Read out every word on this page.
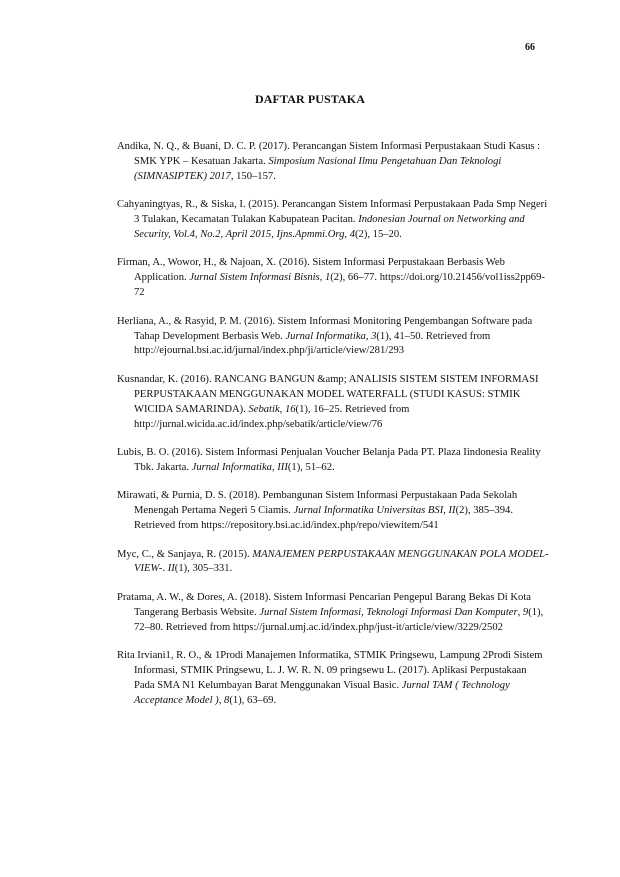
66
DAFTAR PUSTAKA

Andika, N. Q., & Buani, D. C. P. (2017). Perancangan Sistem Informasi Perpustakaan Studi Kasus : SMK YPK – Kesatuan Jakarta. Simposium Nasional Ilmu Pengetahuan Dan Teknologi (SIMNASIPTEK) 2017, 150–157.

Cahyaningtyas, R., & Siska, I. (2015). Perancangan Sistem Informasi Perpustakaan Pada Smp Negeri 3 Tulakan, Kecamatan Tulakan Kabupatean Pacitan. Indonesian Journal on Networking and Security, Vol.4, No.2, April 2015, Ijns.Apmmi.Org, 4(2), 15–20.

Firman, A., Wowor, H., & Najoan, X. (2016). Sistem Informasi Perpustakaan Berbasis Web Application. Jurnal Sistem Informasi Bisnis, 1(2), 66–77. https://doi.org/10.21456/vol1iss2pp69-72

Herliana, A., & Rasyid, P. M. (2016). Sistem Informasi Monitoring Pengembangan Software pada Tahap Development Berbasis Web. Jurnal Informatika, 3(1), 41–50. Retrieved from http://ejournal.bsi.ac.id/jurnal/index.php/ji/article/view/281/293

Kusnandar, K. (2016). RANCANG BANGUN &amp; ANALISIS SISTEM SISTEM INFORMASI PERPUSTAKAAN MENGGUNAKAN MODEL WATERFALL (STUDI KASUS: STMIK WICIDA SAMARINDA). Sebatik, 16(1), 16–25. Retrieved from http://jurnal.wicida.ac.id/index.php/sebatik/article/view/76

Lubis, B. O. (2016). Sistem Informasi Penjualan Voucher Belanja Pada PT. Plaza Iindonesia Reality Tbk. Jakarta. Jurnal Informatika, III(1), 51–62.

Mirawati, & Purnia, D. S. (2018). Pembangunan Sistem Informasi Perpustakaan Pada Sekolah Menengah Pertama Negeri 5 Ciamis. Jurnal Informatika Universitas BSI, II(2), 385–394. Retrieved from https://repository.bsi.ac.id/index.php/repo/viewitem/541

Myc, C., & Sanjaya, R. (2015). MANAJEMEN PERPUSTAKAAN MENGGUNAKAN POLA MODEL-VIEW-. II(1), 305–331.

Pratama, A. W., & Dores, A. (2018). Sistem Informasi Pencarian Pengepul Barang Bekas Di Kota Tangerang Berbasis Website. Jurnal Sistem Informasi, Teknologi Informasi Dan Komputer, 9(1), 72–80. Retrieved from https://jurnal.umj.ac.id/index.php/just-it/article/view/3229/2502

Rita Irviani1, R. O., & 1Prodi Manajemen Informatika, STMIK Pringsewu, Lampung 2Prodi Sistem Informasi, STMIK Pringsewu, L. J. W. R. N. 09 pringsewu L. (2017). Aplikasi Perpustakaan Pada SMA N1 Kelumbayan Barat Menggunakan Visual Basic. Jurnal TAM ( Technology Acceptance Model ), 8(1), 63–69.
